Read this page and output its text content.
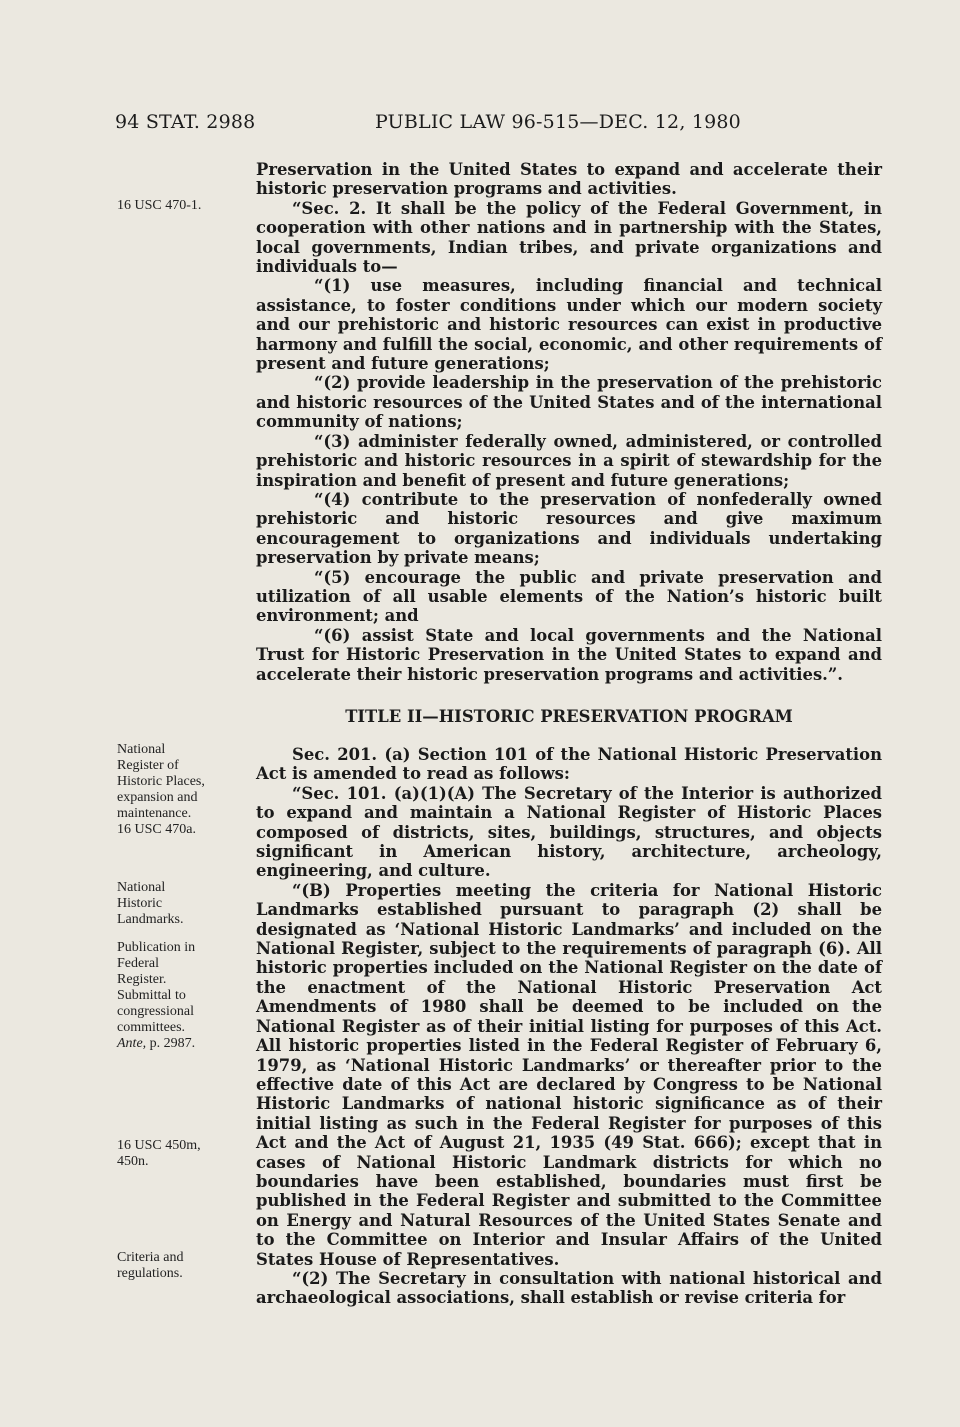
94 STAT. 2988	PUBLIC LAW 96-515—DEC. 12, 1980
16 USC 470-1.
National
Register of
Historic Places,
expansion and
maintenance.
16 USC 470a.
National
Historic
Landmarks.
Publication in
Federal
Register.
Submittal to
congressional
committees.
Ante, p. 2987.
16 USC 450m,
450n.
Criteria and
regulations.

Preservation in the United States to expand and accelerate their historic preservation programs and activities.

“Sec. 2. It shall be the policy of the Federal Government, in cooperation with other nations and in partnership with the States, local governments, Indian tribes, and private organizations and individuals to—

“(1) use measures, including financial and technical assistance, to foster conditions under which our modern society and our prehistoric and historic resources can exist in productive harmony and fulfill the social, economic, and other requirements of present and future generations;

“(2) provide leadership in the preservation of the prehistoric and historic resources of the United States and of the international community of nations;

“(3) administer federally owned, administered, or controlled prehistoric and historic resources in a spirit of stewardship for the inspiration and benefit of present and future generations;

“(4) contribute to the preservation of nonfederally owned prehistoric and historic resources and give maximum encouragement to organizations and individuals undertaking preservation by private means;

“(5) encourage the public and private preservation and utilization of all usable elements of the Nation’s historic built environment; and

“(6) assist State and local governments and the National Trust for Historic Preservation in the United States to expand and accelerate their historic preservation programs and activities.”.

TITLE II—HISTORIC PRESERVATION PROGRAM

Sec. 201. (a) Section 101 of the National Historic Preservation Act is amended to read as follows:

“Sec. 101. (a)(1)(A) The Secretary of the Interior is authorized to expand and maintain a National Register of Historic Places composed of districts, sites, buildings, structures, and objects significant in American history, architecture, archeology, engineering, and culture.

“(B) Properties meeting the criteria for National Historic Landmarks established pursuant to paragraph (2) shall be designated as ‘National Historic Landmarks’ and included on the National Register, subject to the requirements of paragraph (6). All historic properties included on the National Register on the date of the enactment of the National Historic Preservation Act Amendments of 1980 shall be deemed to be included on the National Register as of their initial listing for purposes of this Act. All historic properties listed in the Federal Register of February 6, 1979, as ‘National Historic Landmarks’ or thereafter prior to the effective date of this Act are declared by Congress to be National Historic Landmarks of national historic significance as of their initial listing as such in the Federal Register for purposes of this Act and the Act of August 21, 1935 (49 Stat. 666); except that in cases of National Historic Landmark districts for which no boundaries have been established, boundaries must first be published in the Federal Register and submitted to the Committee on Energy and Natural Resources of the United States Senate and to the Committee on Interior and Insular Affairs of the United States House of Representatives.

“(2) The Secretary in consultation with national historical and archaeological associations, shall establish or revise criteria for
